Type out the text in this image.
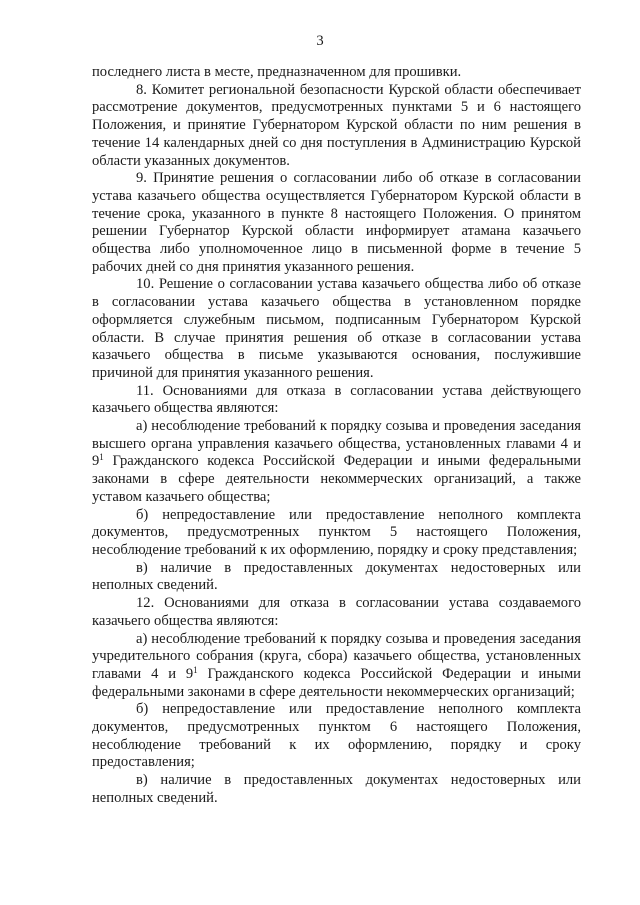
3

последнего листа в месте, предназначенном для прошивки.

8. Комитет региональной безопасности Курской области обеспечивает рассмотрение документов, предусмотренных пунктами 5 и 6 настоящего Положения, и принятие Губернатором Курской области по ним решения в течение 14 календарных дней со дня поступления в Администрацию Курской области указанных документов.

9. Принятие решения о согласовании либо об отказе в согласовании устава казачьего общества осуществляется Губернатором Курской области в течение срока, указанного в пункте 8 настоящего Положения. О принятом решении Губернатор Курской области информирует атамана казачьего общества либо уполномоченное лицо в письменной форме в течение 5 рабочих дней со дня принятия указанного решения.

10. Решение о согласовании устава казачьего общества либо об отказе в согласовании устава казачьего общества в установленном порядке оформляется служебным письмом, подписанным Губернатором Курской области. В случае принятия решения об отказе в согласовании устава казачьего общества в письме указываются основания, послужившие причиной для принятия указанного решения.

11. Основаниями для отказа в согласовании устава действующего казачьего общества являются:

а) несоблюдение требований к порядку созыва и проведения заседания высшего органа управления казачьего общества, установленных главами 4 и $9^1$ Гражданского кодекса Российской Федерации и иными федеральными законами в сфере деятельности некоммерческих организаций, а также уставом казачьего общества;

б) непредоставление или предоставление неполного комплекта документов, предусмотренных пунктом 5 настоящего Положения, несоблюдение требований к их оформлению, порядку и сроку представления;

в) наличие в предоставленных документах недостоверных или неполных сведений.

12. Основаниями для отказа в согласовании устава создаваемого казачьего общества являются:

а) несоблюдение требований к порядку созыва и проведения заседания учредительного собрания (круга, сбора) казачьего общества, установленных главами 4 и $9^1$ Гражданского кодекса Российской Федерации и иными федеральными законами в сфере деятельности некоммерческих организаций;

б) непредоставление или предоставление неполного комплекта документов, предусмотренных пунктом 6 настоящего Положения, несоблюдение требований к их оформлению, порядку и сроку предоставления;

в) наличие в предоставленных документах недостоверных или неполных сведений.
